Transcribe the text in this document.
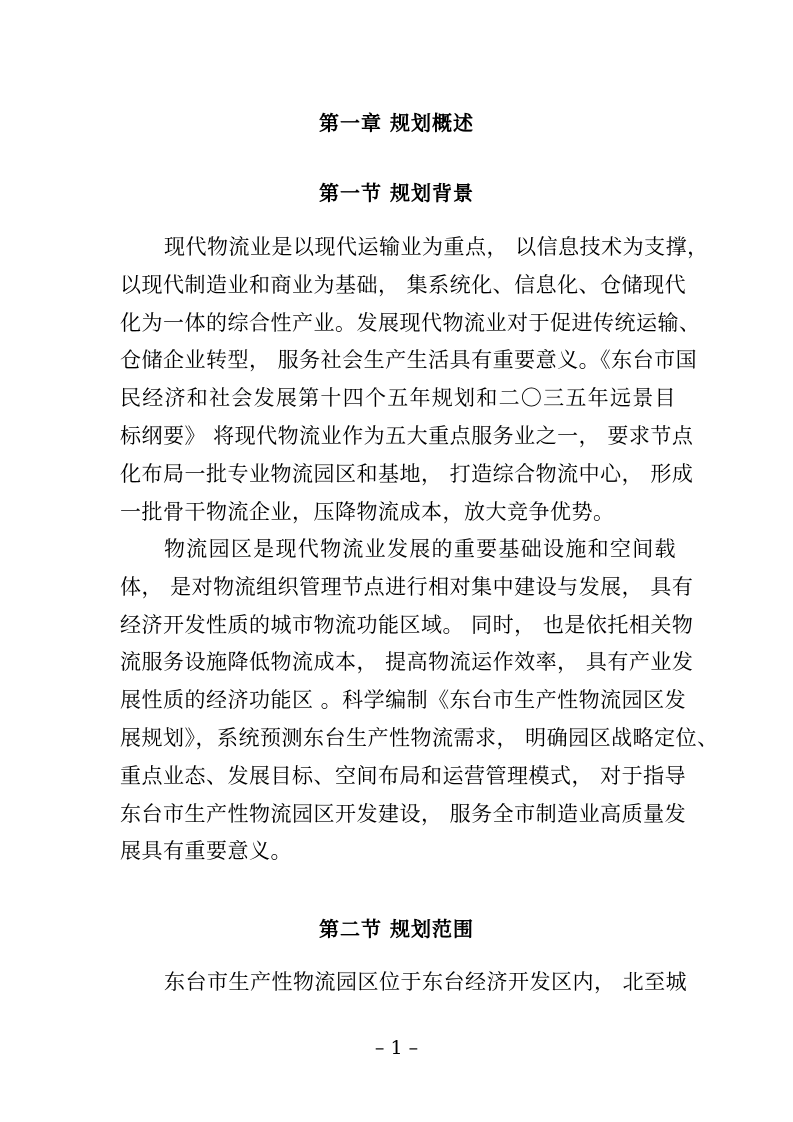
第一章 规划概述
第一节 规划背景
现代物流业是以现代运输业为重点， 以信息技术为支撑，
以现代制造业和商业为基础， 集系统化、信息化、仓储现代
化为一体的综合性产业。发展现代物流业对于促进传统运输、
仓储企业转型， 服务社会生产生活具有重要意义。《东台市国
民经济和社会发展第十四个五年规划和二〇三五年远景目
标纲要》 将现代物流业作为五大重点服务业之一， 要求节点
化布局一批专业物流园区和基地， 打造综合物流中心， 形成
一批骨干物流企业，压降物流成本，放大竞争优势。
物流园区是现代物流业发展的重要基础设施和空间载
体， 是对物流组织管理节点进行相对集中建设与发展， 具有
经济开发性质的城市物流功能区域。 同时， 也是依托相关物
流服务设施降低物流成本， 提高物流运作效率， 具有产业发
展性质的经济功能区 。科学编制《东台市生产性物流园区发
展规划》，系统预测东台生产性物流需求， 明确园区战略定位、
重点业态、发展目标、空间布局和运营管理模式， 对于指导
东台市生产性物流园区开发建设， 服务全市制造业高质量发
展具有重要意义。
第二节 规划范围
东台市生产性物流园区位于东台经济开发区内， 北至城
– 1 –
